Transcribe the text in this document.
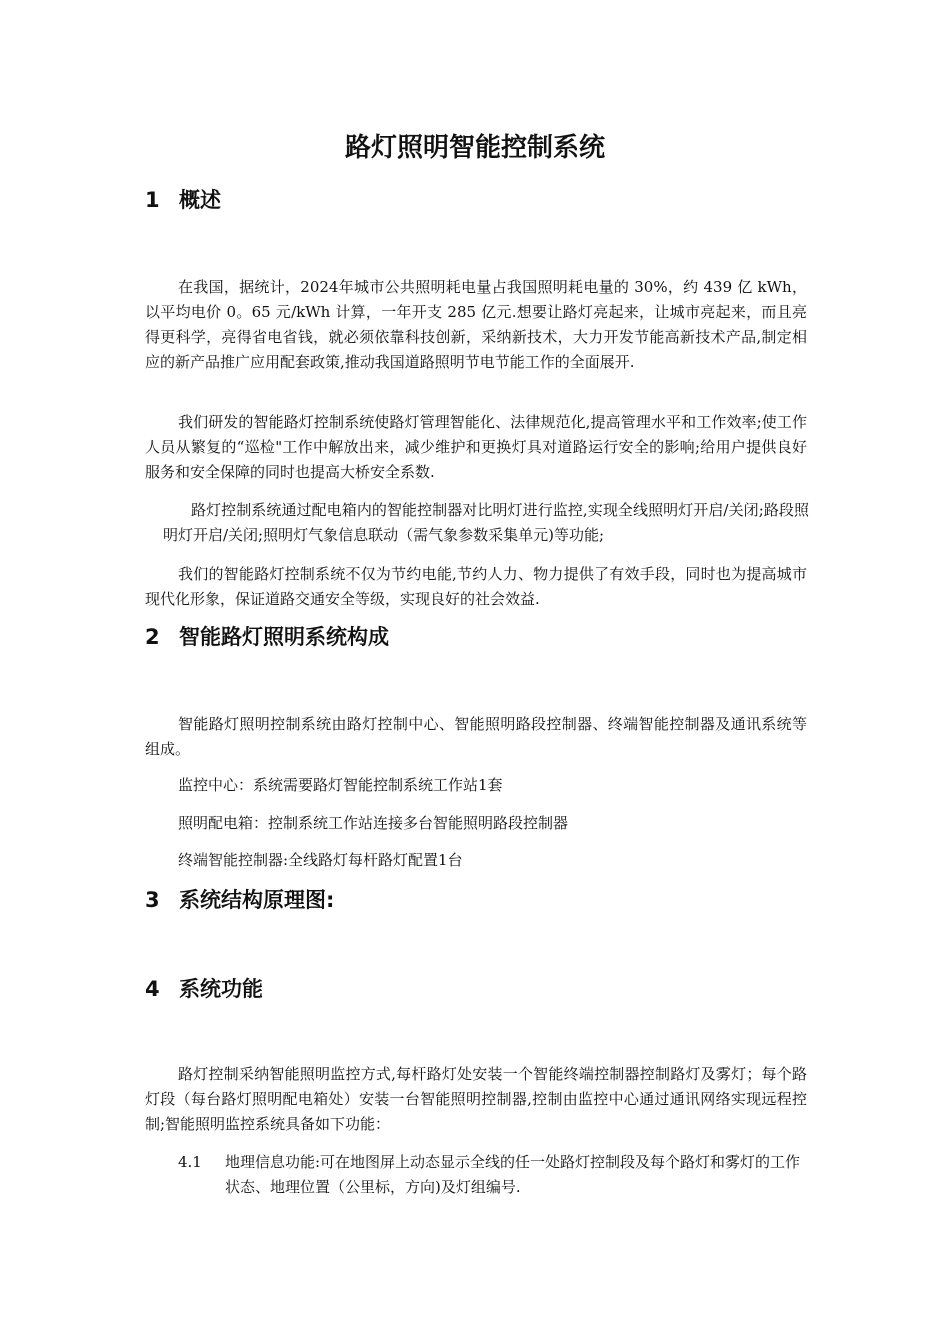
路灯照明智能控制系统
1 概述

在我国，据统计，2024年城市公共照明耗电量占我国照明耗电量的 30%，约 439 亿 kWh，以平均电价 0。65 元/kWh 计算，一年开支 285 亿元.想要让路灯亮起来，让城市亮起来，而且亮得更科学，亮得省电省钱，就必须依靠科技创新，采纳新技术，大力开发节能高新技术产品,制定相应的新产品推广应用配套政策,推动我国道路照明节电节能工作的全面展开.

我们研发的智能路灯控制系统使路灯管理智能化、法律规范化,提高管理水平和工作效率;使工作人员从繁复的“巡检"工作中解放出来，减少维护和更换灯具对道路运行安全的影响;给用户提供良好服务和安全保障的同时也提高大桥安全系数.

路灯控制系统通过配电箱内的智能控制器对比明灯进行监控,实现全线照明灯开启/关闭;路段照明灯开启/关闭;照明灯气象信息联动（需气象参数采集单元)等功能;

我们的智能路灯控制系统不仅为节约电能,节约人力、物力提供了有效手段，同时也为提高城市现代化形象，保证道路交通安全等级，实现良好的社会效益.

2 智能路灯照明系统构成

智能路灯照明控制系统由路灯控制中心、智能照明路段控制器、终端智能控制器及通讯系统等组成。

监控中心：系统需要路灯智能控制系统工作站1套

照明配电箱：控制系统工作站连接多台智能照明路段控制器

终端智能控制器:全线路灯每杆路灯配置1台

3 系统结构原理图:
4 系统功能

路灯控制采纳智能照明监控方式,每杆路灯处安装一个智能终端控制器控制路灯及雾灯；每个路灯段（每台路灯照明配电箱处）安装一台智能照明控制器,控制由监控中心通过通讯网络实现远程控制;智能照明监控系统具备如下功能：

4.1 地理信息功能:可在地图屏上动态显示全线的任一处路灯控制段及每个路灯和雾灯的工作状态、地理位置（公里标，方向)及灯组编号.
